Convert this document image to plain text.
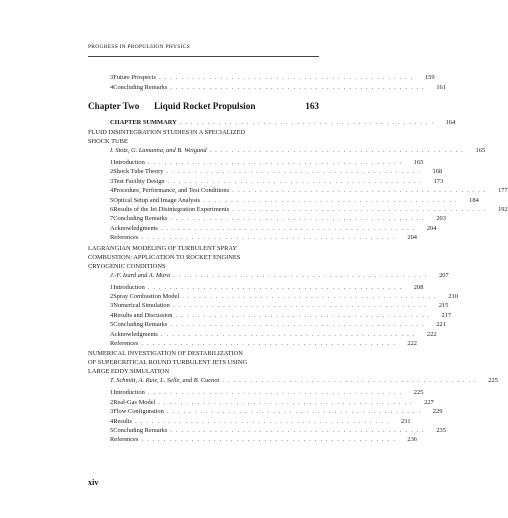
PROGRESS IN PROPULSION PHYSICS
3 Future Prospects . . . . . . . . . . . . . . . . . . . . . . . . . . . . . . . . . . . . . . . . . . . . . .	159
4 Concluding Remarks . . . . . . . . . . . . . . . . . . . . . . . . . . . . . . . . . . . . . . . . . . . . . .	161
CHAPTER SUMMARY . . . . . . . . . . . . . . . . . . . . . . . . . . . . . . . . . . . . . . . . . . . . . .	164
FLUID DISINTEGRATION STUDIES IN A SPECIALIZED
SHOCK TUBE
I. Stotz, G. Lamanna, and B. Weigand . . . . . . . . . . . . . . . . . . . . . . . . . . . . . . . . . . . . . . . . . . . . . .	165
1 Introduction . . . . . . . . . . . . . . . . . . . . . . . . . . . . . . . . . . . . . . . . . . . . . .	165
2 Shock Tube Theory . . . . . . . . . . . . . . . . . . . . . . . . . . . . . . . . . . . . . . . . . . . . . .	168
3 Test Facility Design . . . . . . . . . . . . . . . . . . . . . . . . . . . . . . . . . . . . . . . . . . . . . .	173
4 Procedure, Performance, and Test Conditions . . . . . . . . . . . . . . . . . . . . . . . . . . . . . . . . . . . . . . . . . . . . . .	177
5 Optical Setup and Image Analysis . . . . . . . . . . . . . . . . . . . . . . . . . . . . . . . . . . . . . . . . . . . . . .	184
6 Results of the Jet Disintegration Experiments . . . . . . . . . . . . . . . . . . . . . . . . . . . . . . . . . . . . . . . . . . . . . .	192
7 Concluding Remarks . . . . . . . . . . . . . . . . . . . . . . . . . . . . . . . . . . . . . . . . . . . . . .	203
Acknowledgments . . . . . . . . . . . . . . . . . . . . . . . . . . . . . . . . . . . . . . . . . . . . . .	204
References . . . . . . . . . . . . . . . . . . . . . . . . . . . . . . . . . . . . . . . . . . . . . .	204
LAGRANGIAN MODELING OF TURBULENT SPRAY
COMBUSTION: APPLICATION TO ROCKET ENGINES
CRYOGENIC CONDITIONS
J.-F. Izard and A. Mura . . . . . . . . . . . . . . . . . . . . . . . . . . . . . . . . . . . . . . . . . . . . . .	207
1 Introduction . . . . . . . . . . . . . . . . . . . . . . . . . . . . . . . . . . . . . . . . . . . . . .	208
2 Spray Combustion Model . . . . . . . . . . . . . . . . . . . . . . . . . . . . . . . . . . . . . . . . . . . . . .	210
3 Numerical Simulation . . . . . . . . . . . . . . . . . . . . . . . . . . . . . . . . . . . . . . . . . . . . . .	215
4 Results and Discussion . . . . . . . . . . . . . . . . . . . . . . . . . . . . . . . . . . . . . . . . . . . . . .	217
5 Concluding Remarks . . . . . . . . . . . . . . . . . . . . . . . . . . . . . . . . . . . . . . . . . . . . . .	221
Acknowledgments . . . . . . . . . . . . . . . . . . . . . . . . . . . . . . . . . . . . . . . . . . . . . .	222
References . . . . . . . . . . . . . . . . . . . . . . . . . . . . . . . . . . . . . . . . . . . . . .	222
NUMERICAL INVESTIGATION OF DESTABILIZATION
OF SUPERCRITICAL ROUND TURBULENT JETS USING
LARGE EDDY SIMULATION
T. Schmitt, A. Ruiz, L. Selle, and B. Cuenot . . . . . . . . . . . . . . . . . . . . . . . . . . . . . . . . . . . . . . . . . . . . . .	225
1 Introduction . . . . . . . . . . . . . . . . . . . . . . . . . . . . . . . . . . . . . . . . . . . . . .	225
2 Real-Gas Model . . . . . . . . . . . . . . . . . . . . . . . . . . . . . . . . . . . . . . . . . . . . . .	227
3 Flow Configuration . . . . . . . . . . . . . . . . . . . . . . . . . . . . . . . . . . . . . . . . . . . . . .	229
4 Results . . . . . . . . . . . . . . . . . . . . . . . . . . . . . . . . . . . . . . . . . . . . . .	231
5 Concluding Remarks . . . . . . . . . . . . . . . . . . . . . . . . . . . . . . . . . . . . . . . . . . . . . .	235
References . . . . . . . . . . . . . . . . . . . . . . . . . . . . . . . . . . . . . . . . . . . . . .	236
Chapter Two	Liquid Rocket Propulsion	163
xiv
